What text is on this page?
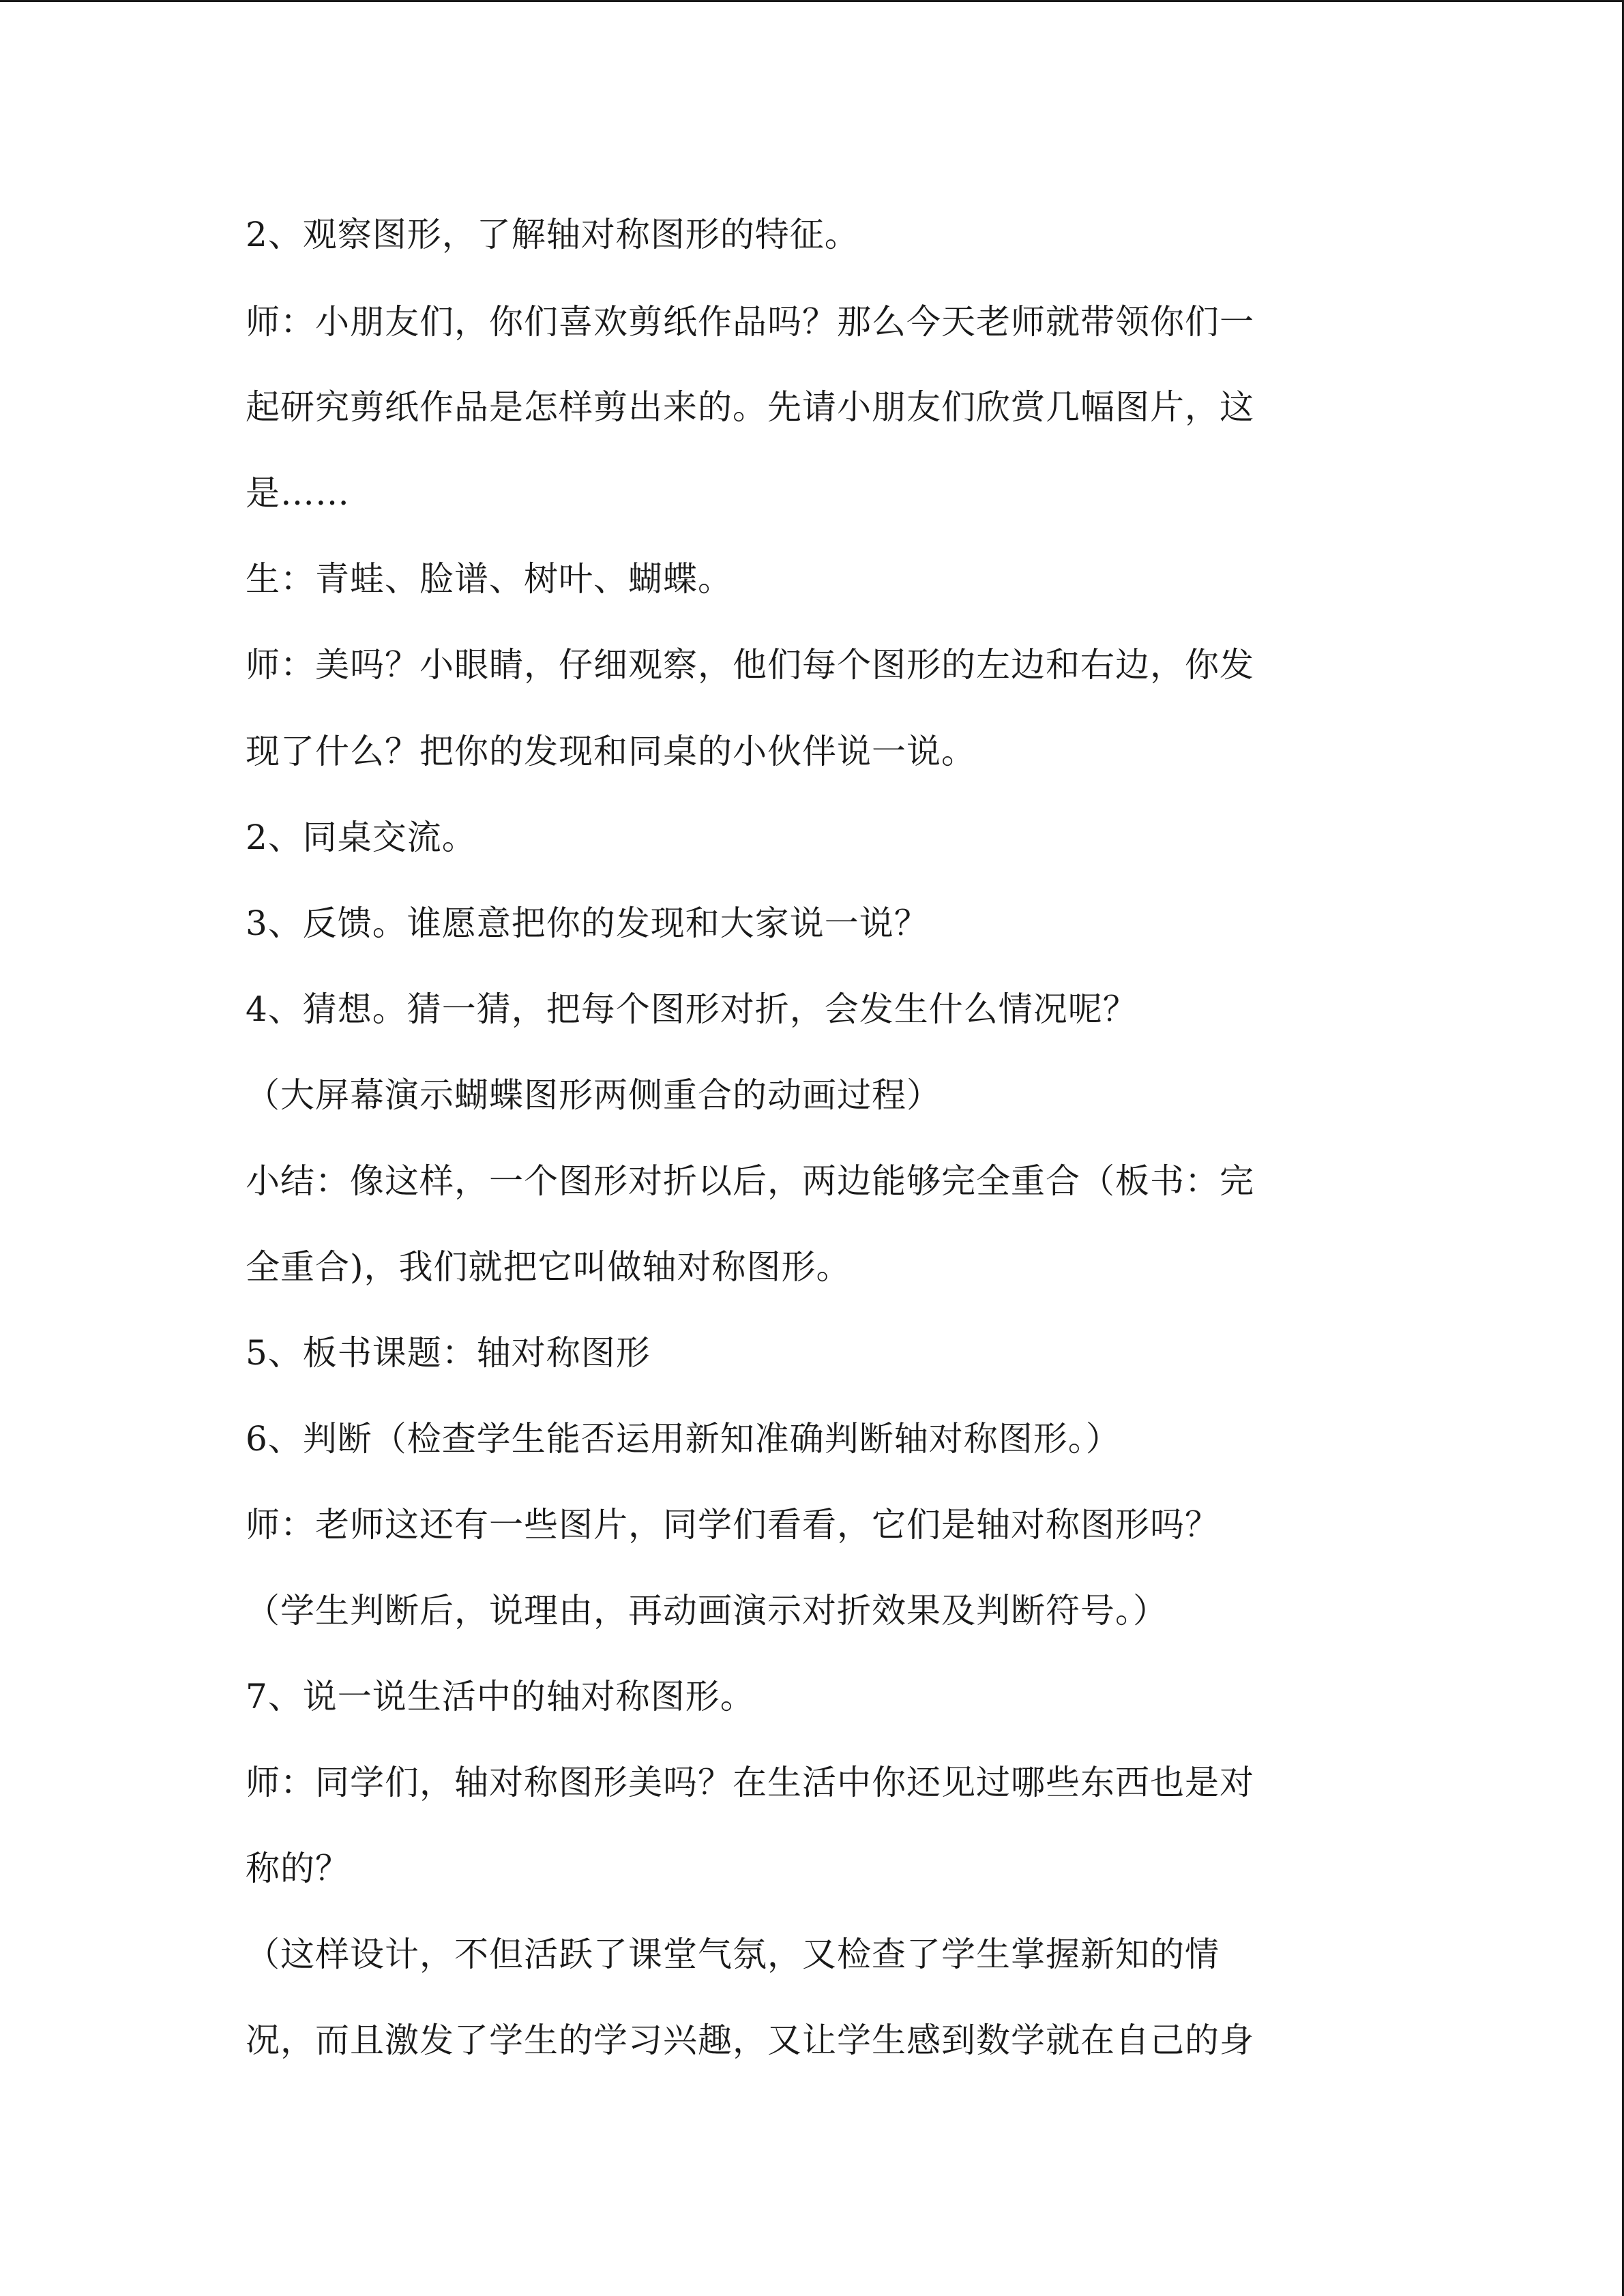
2、观察图形，了解轴对称图形的特征。

师：小朋友们，你们喜欢剪纸作品吗？那么今天老师就带领你们一

起研究剪纸作品是怎样剪出来的。先请小朋友们欣赏几幅图片，这

是……

生：青蛙、脸谱、树叶、蝴蝶。

师：美吗？小眼睛，仔细观察，他们每个图形的左边和右边，你发

现了什么？把你的发现和同桌的小伙伴说一说。

2、同桌交流。

3、反馈。谁愿意把你的发现和大家说一说？

4、猜想。猜一猜，把每个图形对折，会发生什么情况呢？

（大屏幕演示蝴蝶图形两侧重合的动画过程）

小结：像这样，一个图形对折以后，两边能够完全重合（板书：完

全重合)，我们就把它叫做轴对称图形。

5、板书课题：轴对称图形

6、判断（检查学生能否运用新知准确判断轴对称图形。）

师：老师这还有一些图片，同学们看看，它们是轴对称图形吗？

（学生判断后，说理由，再动画演示对折效果及判断符号。）

7、说一说生活中的轴对称图形。

师：同学们，轴对称图形美吗？在生活中你还见过哪些东西也是对

称的？

（这样设计，不但活跃了课堂气氛，又检查了学生掌握新知的情

况，而且激发了学生的学习兴趣，又让学生感到数学就在自己的身
